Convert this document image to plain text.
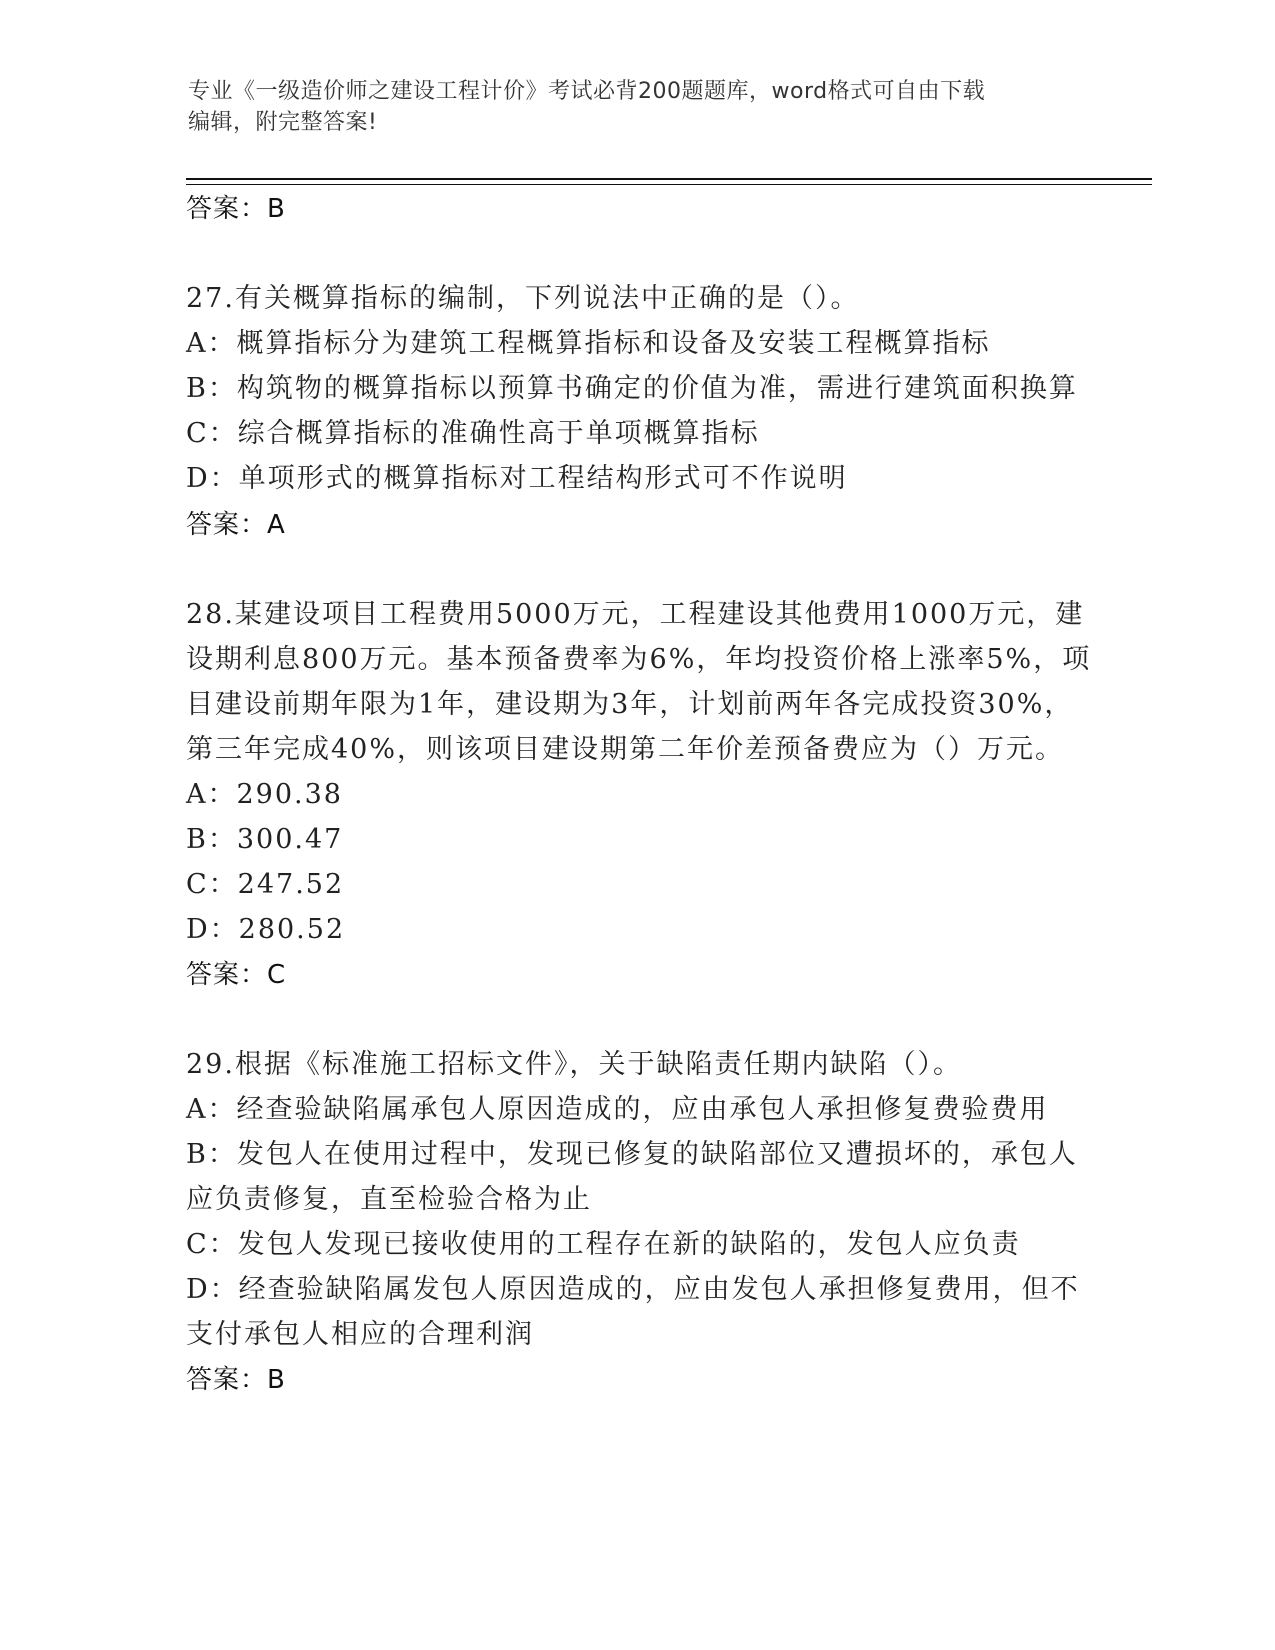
专业《一级造价师之建设工程计价》考试必背200题题库，word格式可自由下载
编辑，附完整答案!
答案：B
27.有关概算指标的编制，下列说法中正确的是（）。
A：概算指标分为建筑工程概算指标和设备及安装工程概算指标
B：构筑物的概算指标以预算书确定的价值为准，需进行建筑面积换算
C：综合概算指标的准确性高于单项概算指标
D：单项形式的概算指标对工程结构形式可不作说明
答案：A
28.某建设项目工程费用5000万元，工程建设其他费用1000万元，建
设期利息800万元。基本预备费率为6%，年均投资价格上涨率5%，项
目建设前期年限为1年，建设期为3年，计划前两年各完成投资30%，
第三年完成40%，则该项目建设期第二年价差预备费应为（）万元。
A：290.38
B：300.47
C：247.52
D：280.52
答案：C
29.根据《标准施工招标文件》，关于缺陷责任期内缺陷（）。
A：经查验缺陷属承包人原因造成的，应由承包人承担修复费验费用
B：发包人在使用过程中，发现已修复的缺陷部位又遭损坏的，承包人
应负责修复，直至检验合格为止
C：发包人发现已接收使用的工程存在新的缺陷的，发包人应负责
D：经查验缺陷属发包人原因造成的，应由发包人承担修复费用，但不
支付承包人相应的合理利润
答案：B
